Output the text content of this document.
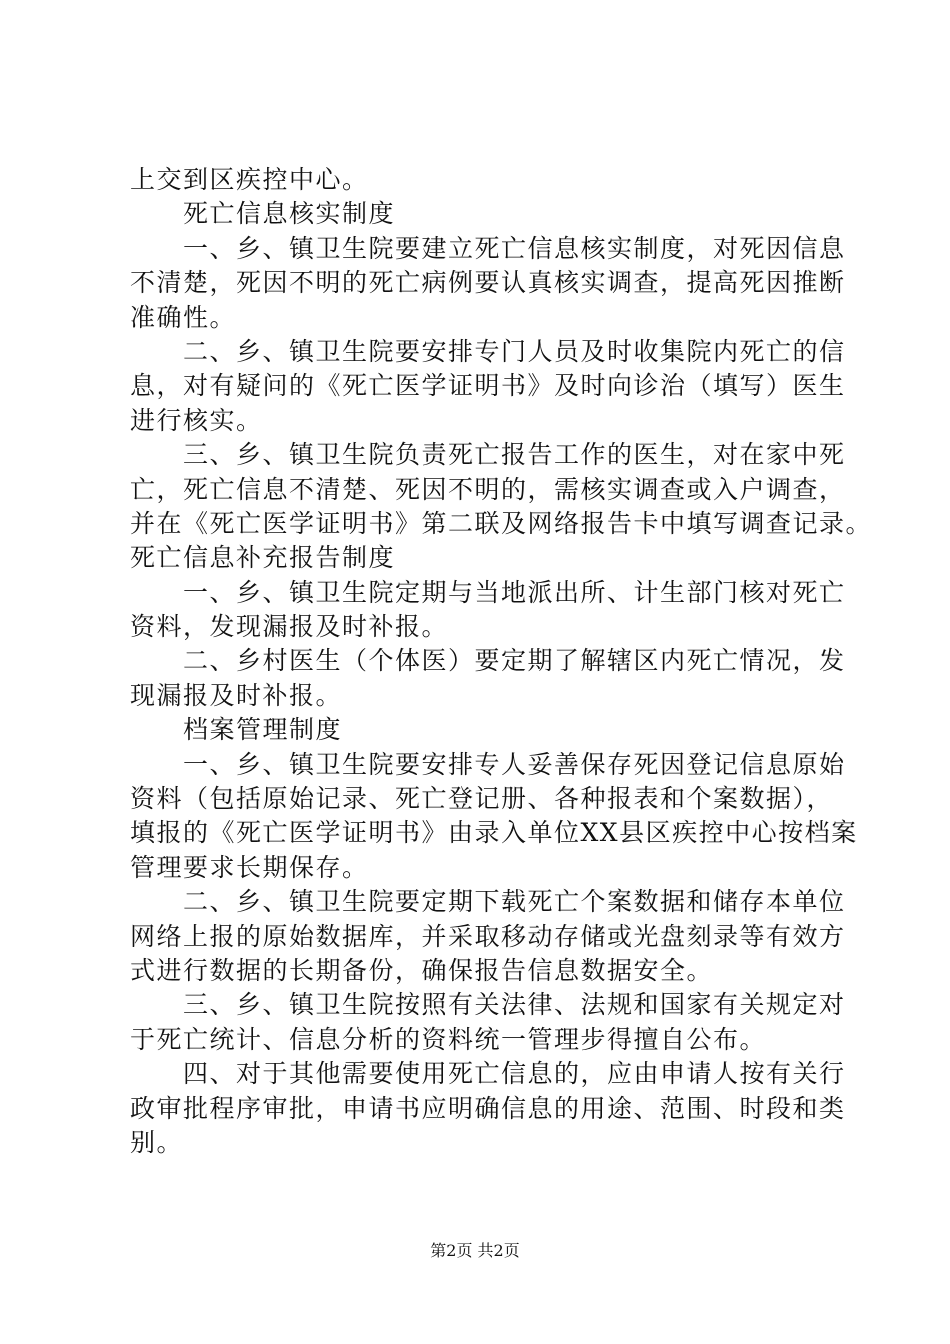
上交到区疾控中心。
　　死亡信息核实制度
　　一、乡、镇卫生院要建立死亡信息核实制度，对死因信息
不清楚，死因不明的死亡病例要认真核实调查，提高死因推断
准确性。
　　二、乡、镇卫生院要安排专门人员及时收集院内死亡的信
息，对有疑问的《死亡医学证明书》及时向诊治（填写）医生
进行核实。
　　三、乡、镇卫生院负责死亡报告工作的医生，对在家中死
亡，死亡信息不清楚、死因不明的，需核实调查或入户调查，
并在《死亡医学证明书》第二联及网络报告卡中填写调查记录。
死亡信息补充报告制度
　　一、乡、镇卫生院定期与当地派出所、计生部门核对死亡
资料，发现漏报及时补报。
　　二、乡村医生（个体医）要定期了解辖区内死亡情况，发
现漏报及时补报。
　　档案管理制度
　　一、乡、镇卫生院要安排专人妥善保存死因登记信息原始
资料（包括原始记录、死亡登记册、各种报表和个案数据），
填报的《死亡医学证明书》由录入单位XX县区疾控中心按档案
管理要求长期保存。
　　二、乡、镇卫生院要定期下载死亡个案数据和储存本单位
网络上报的原始数据库，并采取移动存储或光盘刻录等有效方
式进行数据的长期备份，确保报告信息数据安全。
　　三、乡、镇卫生院按照有关法律、法规和国家有关规定对
于死亡统计、信息分析的资料统一管理步得擅自公布。
　　四、对于其他需要使用死亡信息的，应由申请人按有关行
政审批程序审批，申请书应明确信息的用途、范围、时段和类
别。
第2页 共2页
